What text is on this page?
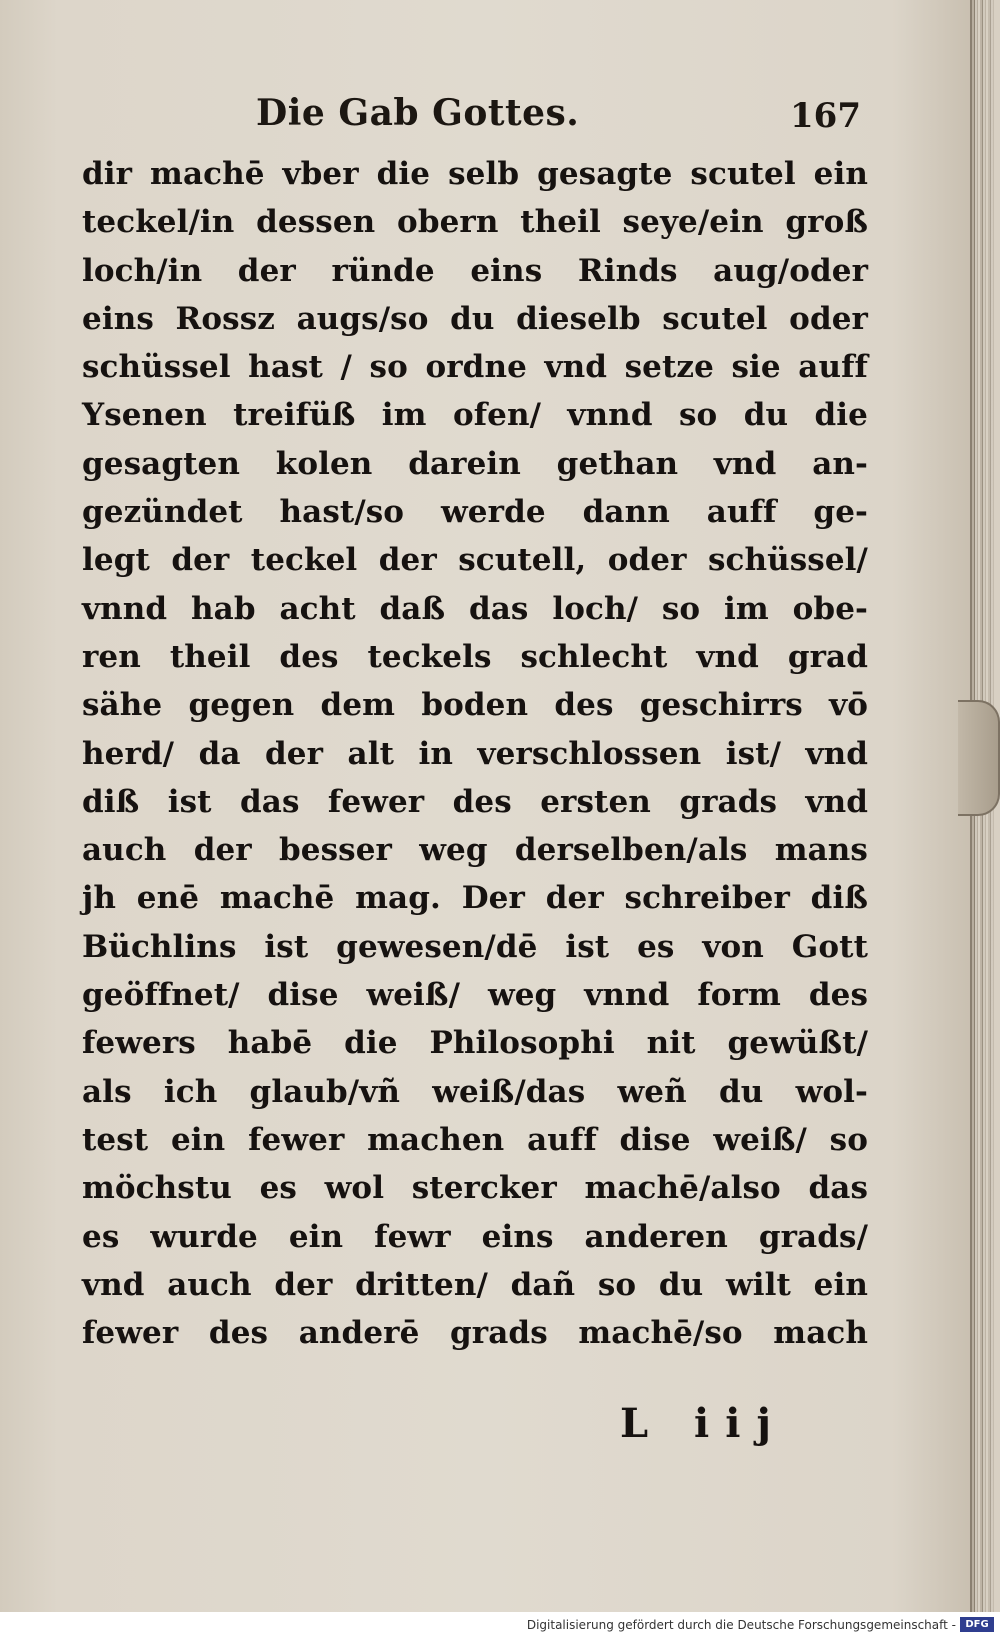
Die Gab Gottes.	167
dir machē vber die selb gesagte scutel ein
teckel/in dessen obern theil seye/ein groß
loch/in der ründe eins Rinds aug/oder
eins Rossz augs/so du dieselb scutel oder
schüssel hast / so ordne vnd setze sie auff
Ysenen treifüß im ofen/ vnnd so du die
gesagten kolen darein gethan vnd an-
gezündet hast/so werde dann auff ge-
legt der teckel der scutell, oder schüssel/
vnnd hab acht daß das loch/ so im obe-
ren theil des teckels schlecht vnd grad
sähe gegen dem boden des geschirrs vō
herd/ da der alt in verschlossen ist/ vnd
diß ist das fewer des ersten grads vnd
auch der besser weg derselben/als mans
jh enē machē mag. Der der schreiber diß
Büchlins ist gewesen/dē ist es von Gott
geöffnet/ dise weiß/ weg vnnd form des
fewers habē die Philosophi nit gewüßt/
als ich glaub/vñ weiß/das weñ du wol-
test ein fewer machen auff dise weiß/ so
möchstu es wol stercker machē/also das
es wurde ein fewr eins anderen grads/
vnd auch der dritten/ dañ so du wilt ein
fewer des anderē grads machē/so mach
L iij
Digitalisierung gefördert durch die Deutsche Forschungsgemeinschaft - DFG
